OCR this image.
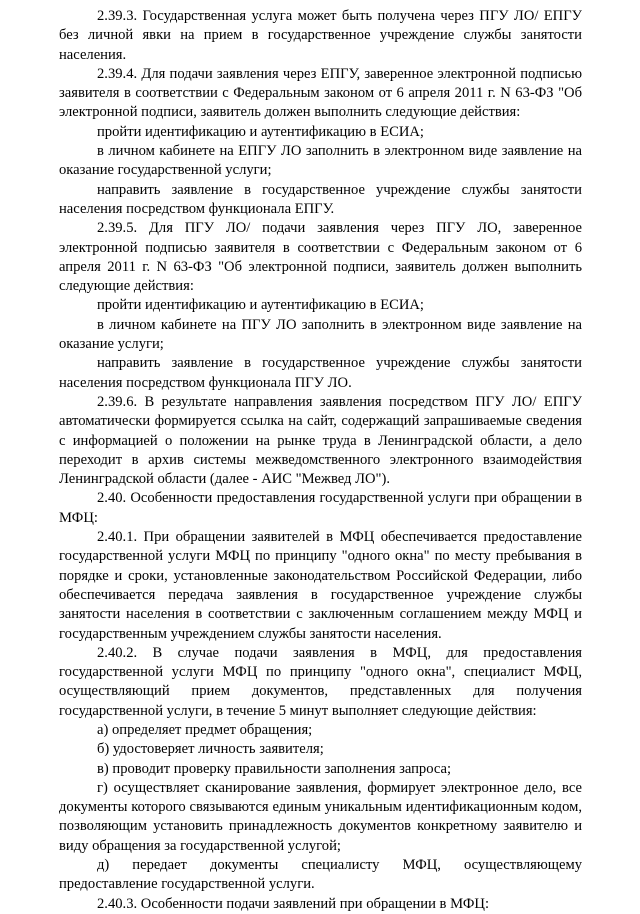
2.39.3. Государственная услуга может быть получена через ПГУ ЛО/ ЕПГУ без личной явки на прием в государственное учреждение службы занятости населения.

2.39.4. Для подачи заявления через ЕПГУ, заверенное электронной подписью заявителя в соответствии с Федеральным законом от 6 апреля 2011 г. N 63-ФЗ "Об электронной подписи, заявитель должен выполнить следующие действия:

пройти идентификацию и аутентификацию в ЕСИА;

в личном кабинете на ЕПГУ ЛО заполнить в электронном виде заявление на оказание государственной услуги;

направить заявление в государственное учреждение службы занятости населения посредством функционала ЕПГУ.

2.39.5. Для ПГУ ЛО/ подачи заявления через ПГУ ЛО, заверенное электронной подписью заявителя в соответствии с Федеральным законом от 6 апреля 2011 г. N 63-ФЗ "Об электронной подписи, заявитель должен выполнить следующие действия:

пройти идентификацию и аутентификацию в ЕСИА;

в личном кабинете на ПГУ ЛО заполнить в электронном виде заявление на оказание услуги;

направить заявление в государственное учреждение службы занятости населения посредством функционала ПГУ ЛО.

2.39.6. В результате направления заявления посредством ПГУ ЛО/ ЕПГУ автоматически формируется ссылка на сайт, содержащий запрашиваемые сведения с информацией о положении на рынке труда в Ленинградской области, а дело переходит в архив системы межведомственного электронного взаимодействия Ленинградской области (далее - АИС "Межвед ЛО").

2.40. Особенности предоставления государственной услуги при обращении в МФЦ:

2.40.1. При обращении заявителей в МФЦ обеспечивается предоставление государственной услуги МФЦ по принципу "одного окна" по месту пребывания в порядке и сроки, установленные законодательством Российской Федерации, либо обеспечивается передача заявления в государственное учреждение службы занятости населения в соответствии с заключенным соглашением между МФЦ и государственным учреждением службы занятости населения.

2.40.2. В случае подачи заявления в МФЦ, для предоставления государственной услуги МФЦ по принципу "одного окна", специалист МФЦ, осуществляющий прием документов, представленных для получения государственной услуги, в течение 5 минут выполняет следующие действия:

а) определяет предмет обращения;

б) удостоверяет личность заявителя;

в) проводит проверку правильности заполнения запроса;

г) осуществляет сканирование заявления, формирует электронное дело, все документы которого связываются единым уникальным идентификационным кодом, позволяющим установить принадлежность документов конкретному заявителю и виду обращения за государственной услугой;

д) передает документы специалисту МФЦ, осуществляющему предоставление государственной услуги.

2.40.3. Особенности подачи заявлений при обращении в МФЦ:
